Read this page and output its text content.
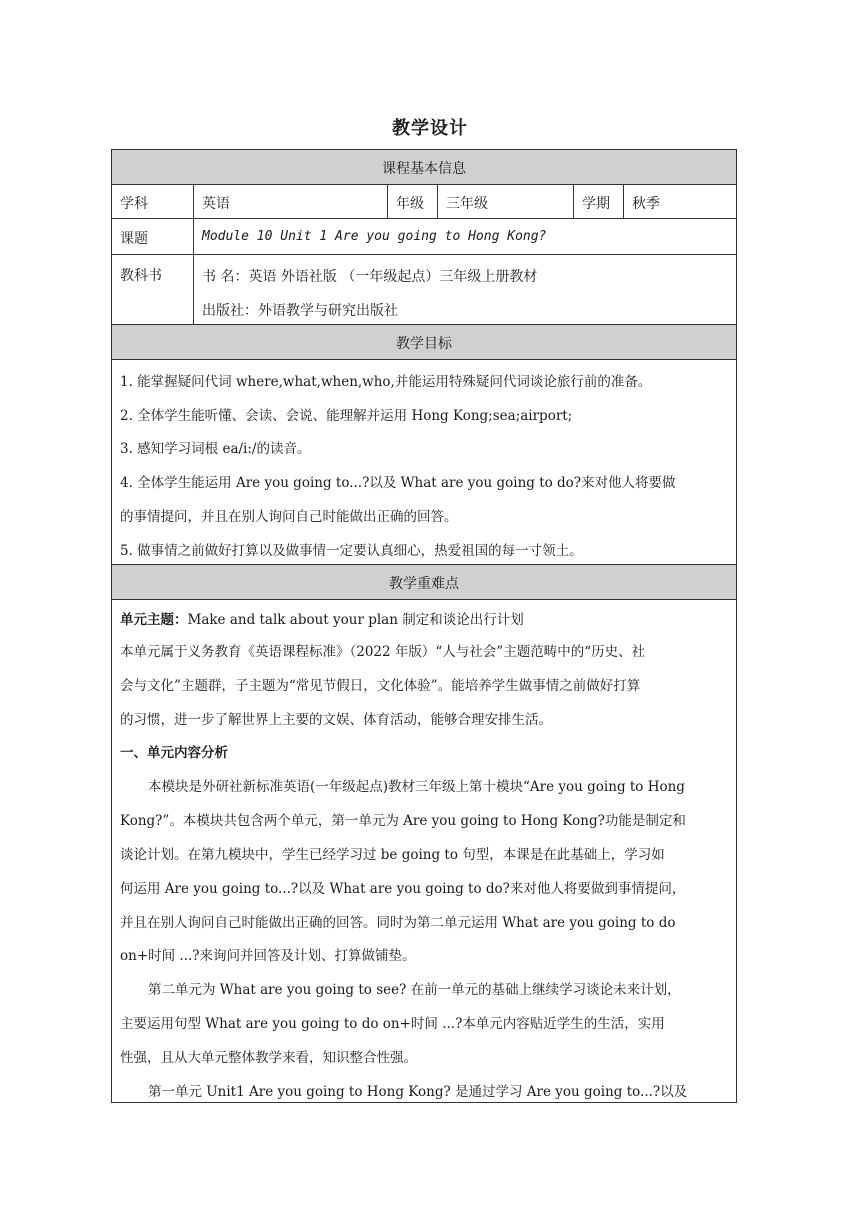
教学设计
课程基本信息
学科	英语	年级 三年级	学期 秋季
课题	Module 10 Unit 1 Are you going to Hong Kong?
教科书	书 名：英语 外语社版 （一年级起点）三年级上册教材
出版社：外语教学与研究出版社
教学目标
1. 能掌握疑问代词 where,what,when,who,并能运用特殊疑问代词谈论旅行前的准备。
2. 全体学生能听懂、会读、会说、能理解并运用 Hong Kong;sea;airport;
3. 感知学习词根 ea/i:/的读音。
4. 全体学生能运用 Are you going to...?以及 What are you going to do?来对他人将要做
的事情提问，并且在别人询问自己时能做出正确的回答。
5. 做事情之前做好打算以及做事情一定要认真细心，热爱祖国的每一寸领土。
教学重难点
单元主题：Make and talk about your plan 制定和谈论出行计划
本单元属于义务教育《英语课程标准》（2022 年版）“人与社会”主题范畴中的“历史、社
会与文化”主题群，子主题为“常见节假日，文化体验”。能培养学生做事情之前做好打算
的习惯，进一步了解世界上主要的文娱、体育活动，能够合理安排生活。
一、单元内容分析
本模块是外研社新标准英语(一年级起点)教材三年级上第十模块“Are you going to Hong
Kong?”。本模块共包含两个单元，第一单元为 Are you going to Hong Kong?功能是制定和
谈论计划。在第九模块中，学生已经学习过 be going to 句型，本课是在此基础上，学习如
何运用 Are you going to...?以及 What are you going to do?来对他人将要做到事情提问，
并且在别人询问自己时能做出正确的回答。同时为第二单元运用 What are you going to do
on+时间 ...?来询问并回答及计划、打算做铺垫。
第二单元为 What are you going to see? 在前一单元的基础上继续学习谈论未来计划，
主要运用句型 What are you going to do on+时间 ...?本单元内容贴近学生的生活，实用
性强，且从大单元整体教学来看，知识整合性强。
第一单元 Unit1 Are you going to Hong Kong? 是通过学习 Are you going to...?以及
